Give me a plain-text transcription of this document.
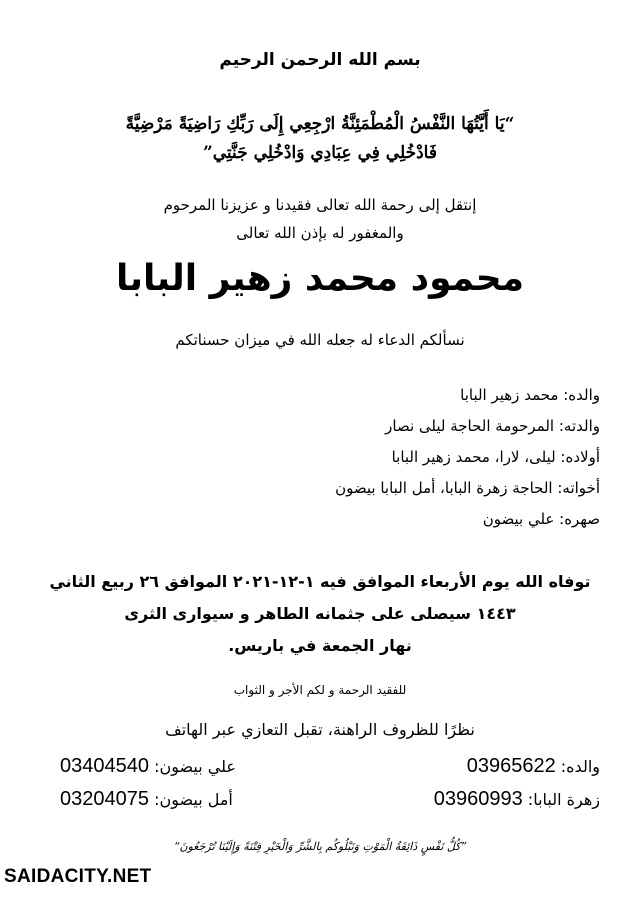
بسم الله الرحمن الرحيم
“يَا أَيَّتُهَا النَّفْسُ الْمُطْمَئِنَّةُ ارْجِعِي إِلَى رَبِّكِ رَاضِيَةً مَرْضِيَّةً
فَادْخُلِي فِي عِبَادِي وَادْخُلِي جَنَّتِي”
إنتقل إلى رحمة الله تعالى فقيدنا و عزيزنا المرحوم
والمغفور له بإذن الله تعالى
محمود محمد زهير البابا
نسألكم الدعاء له جعله الله في ميزان حسناتكم
والده: محمد زهير البابا
والدته: المرحومة الحاجة ليلى نصار
أولاده: ليلى، لارا، محمد زهير البابا
أخواته: الحاجة زهرة البابا، أمل البابا بيضون
صهره: علي بيضون
توفاه الله يوم الأربعاء الموافق فيه ١-١٢-٢٠٢١ الموافق ٢٦ ربيع الثاني
١٤٤٣ سيصلى على جثمانه الطاهر و سيوارى الثرى
نهار الجمعة في باريس.
للفقيد الرحمة و لكم الأجر و الثواب
نظرًا للظروف الراهنة، تقبل التعازي عبر الهاتف
والده: 03965622
زهرة البابا: 03960993
علي بيضون: 03404540
أمل بيضون: 03204075
”كُلُّ نَفْسٍ ذَائِقَةُ الْمَوْتِ وَنَبْلُوكُم بِالشَّرِّ وَالْخَيْرِ فِتْنَةً وَإِلَيْنَا تُرْجَعُونَ“
SAIDACITY.NET
